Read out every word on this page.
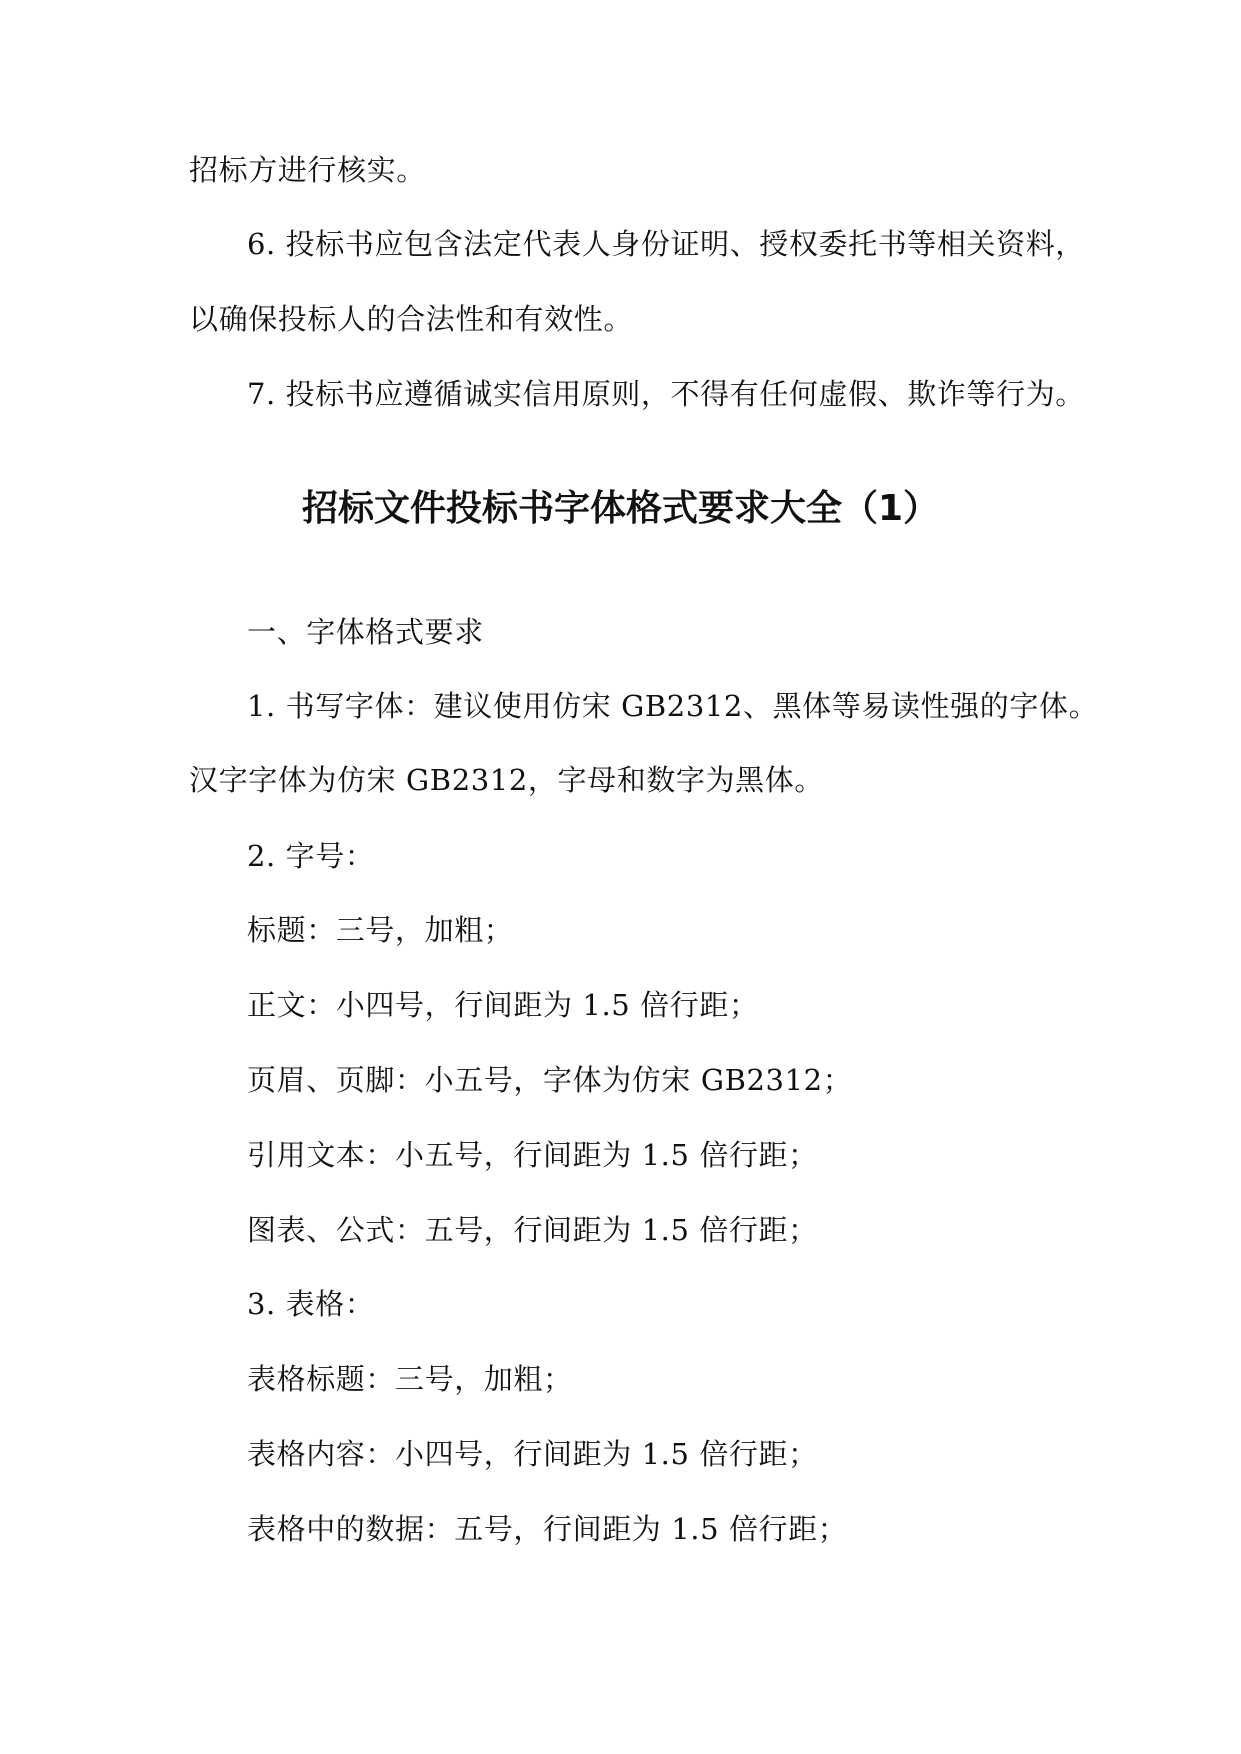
招标方进行核实。

6. 投标书应包含法定代表人身份证明、授权委托书等相关资料，

以确保投标人的合法性和有效性。

7. 投标书应遵循诚实信用原则，不得有任何虚假、欺诈等行为。

招标文件投标书字体格式要求大全（1）

一、字体格式要求

1. 书写字体：建议使用仿宋 GB2312、黑体等易读性强的字体。

汉字字体为仿宋 GB2312，字母和数字为黑体。

2. 字号：

标题：三号，加粗；

正文：小四号，行间距为 1.5 倍行距；

页眉、页脚：小五号，字体为仿宋 GB2312；

引用文本：小五号，行间距为 1.5 倍行距；

图表、公式：五号，行间距为 1.5 倍行距；

3. 表格：

表格标题：三号，加粗；

表格内容：小四号，行间距为 1.5 倍行距；

表格中的数据：五号，行间距为 1.5 倍行距；
